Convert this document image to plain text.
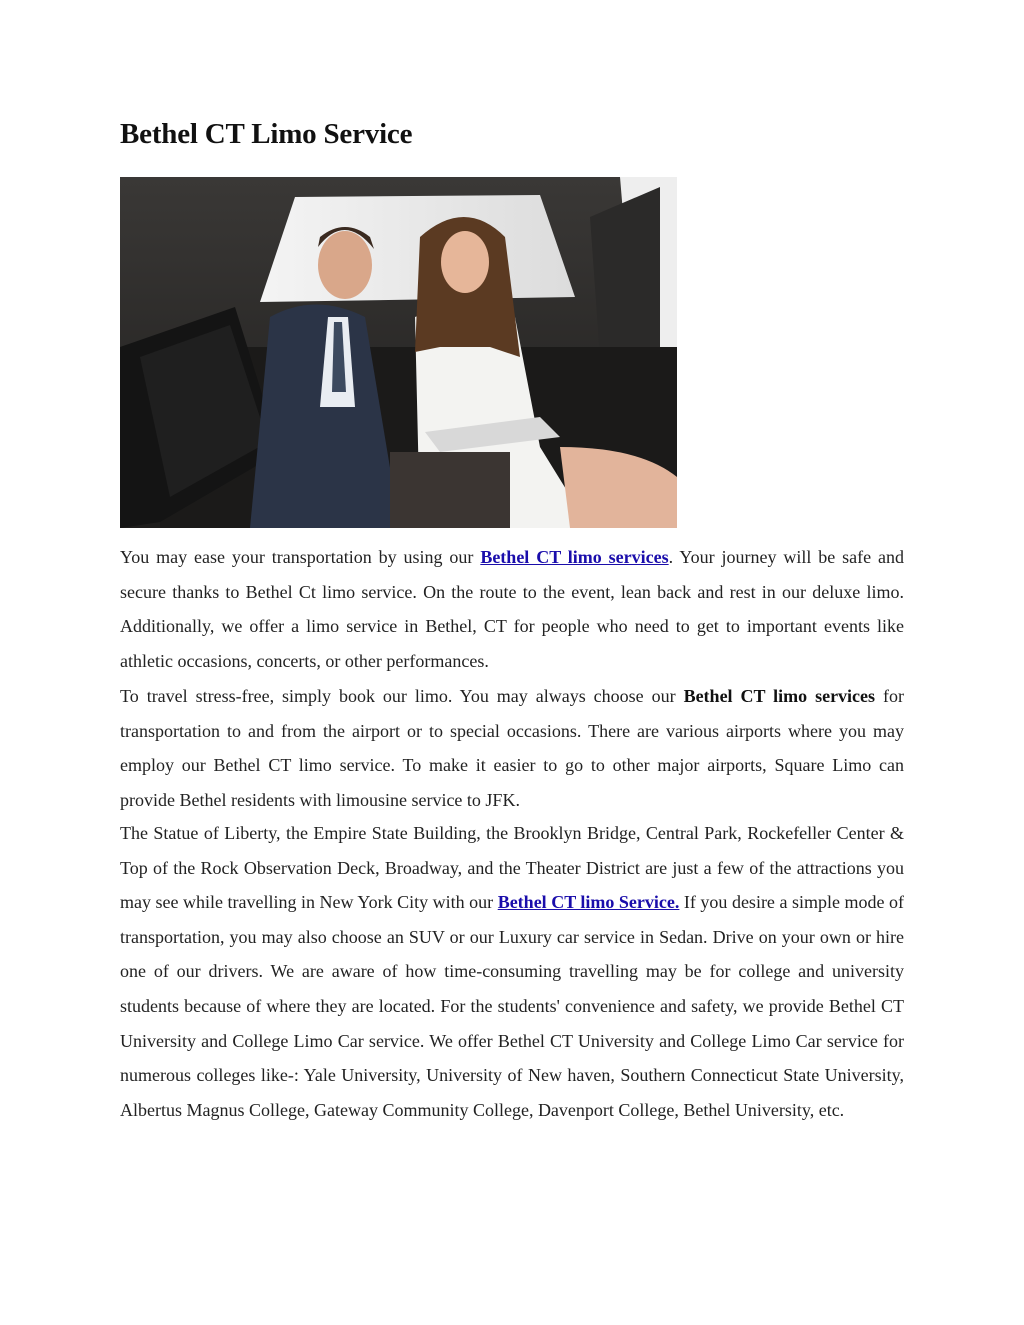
Bethel CT Limo Service

You may ease your transportation by using our Bethel CT limo services. Your journey will be safe and secure thanks to Bethel Ct limo service. On the route to the event, lean back and rest in our deluxe limo. Additionally, we offer a limo service in Bethel, CT for people who need to get to important events like athletic occasions, concerts, or other performances.

To travel stress-free, simply book our limo. You may always choose our Bethel CT limo services for transportation to and from the airport or to special occasions. There are various airports where you may employ our Bethel CT limo service. To make it easier to go to other major airports, Square Limo can provide Bethel residents with limousine service to JFK.

The Statue of Liberty, the Empire State Building, the Brooklyn Bridge, Central Park, Rockefeller Center & Top of the Rock Observation Deck, Broadway, and the Theater District are just a few of the attractions you may see while travelling in New York City with our Bethel CT limo Service. If you desire a simple mode of transportation, you may also choose an SUV or our Luxury car service in Sedan. Drive on your own or hire one of our drivers. We are aware of how time-consuming travelling may be for college and university students because of where they are located. For the students' convenience and safety, we provide Bethel CT University and College Limo Car service. We offer Bethel CT University and College Limo Car service for numerous colleges like-: Yale University, University of New haven, Southern Connecticut State University, Albertus Magnus College, Gateway Community College, Davenport College, Bethel University, etc.
